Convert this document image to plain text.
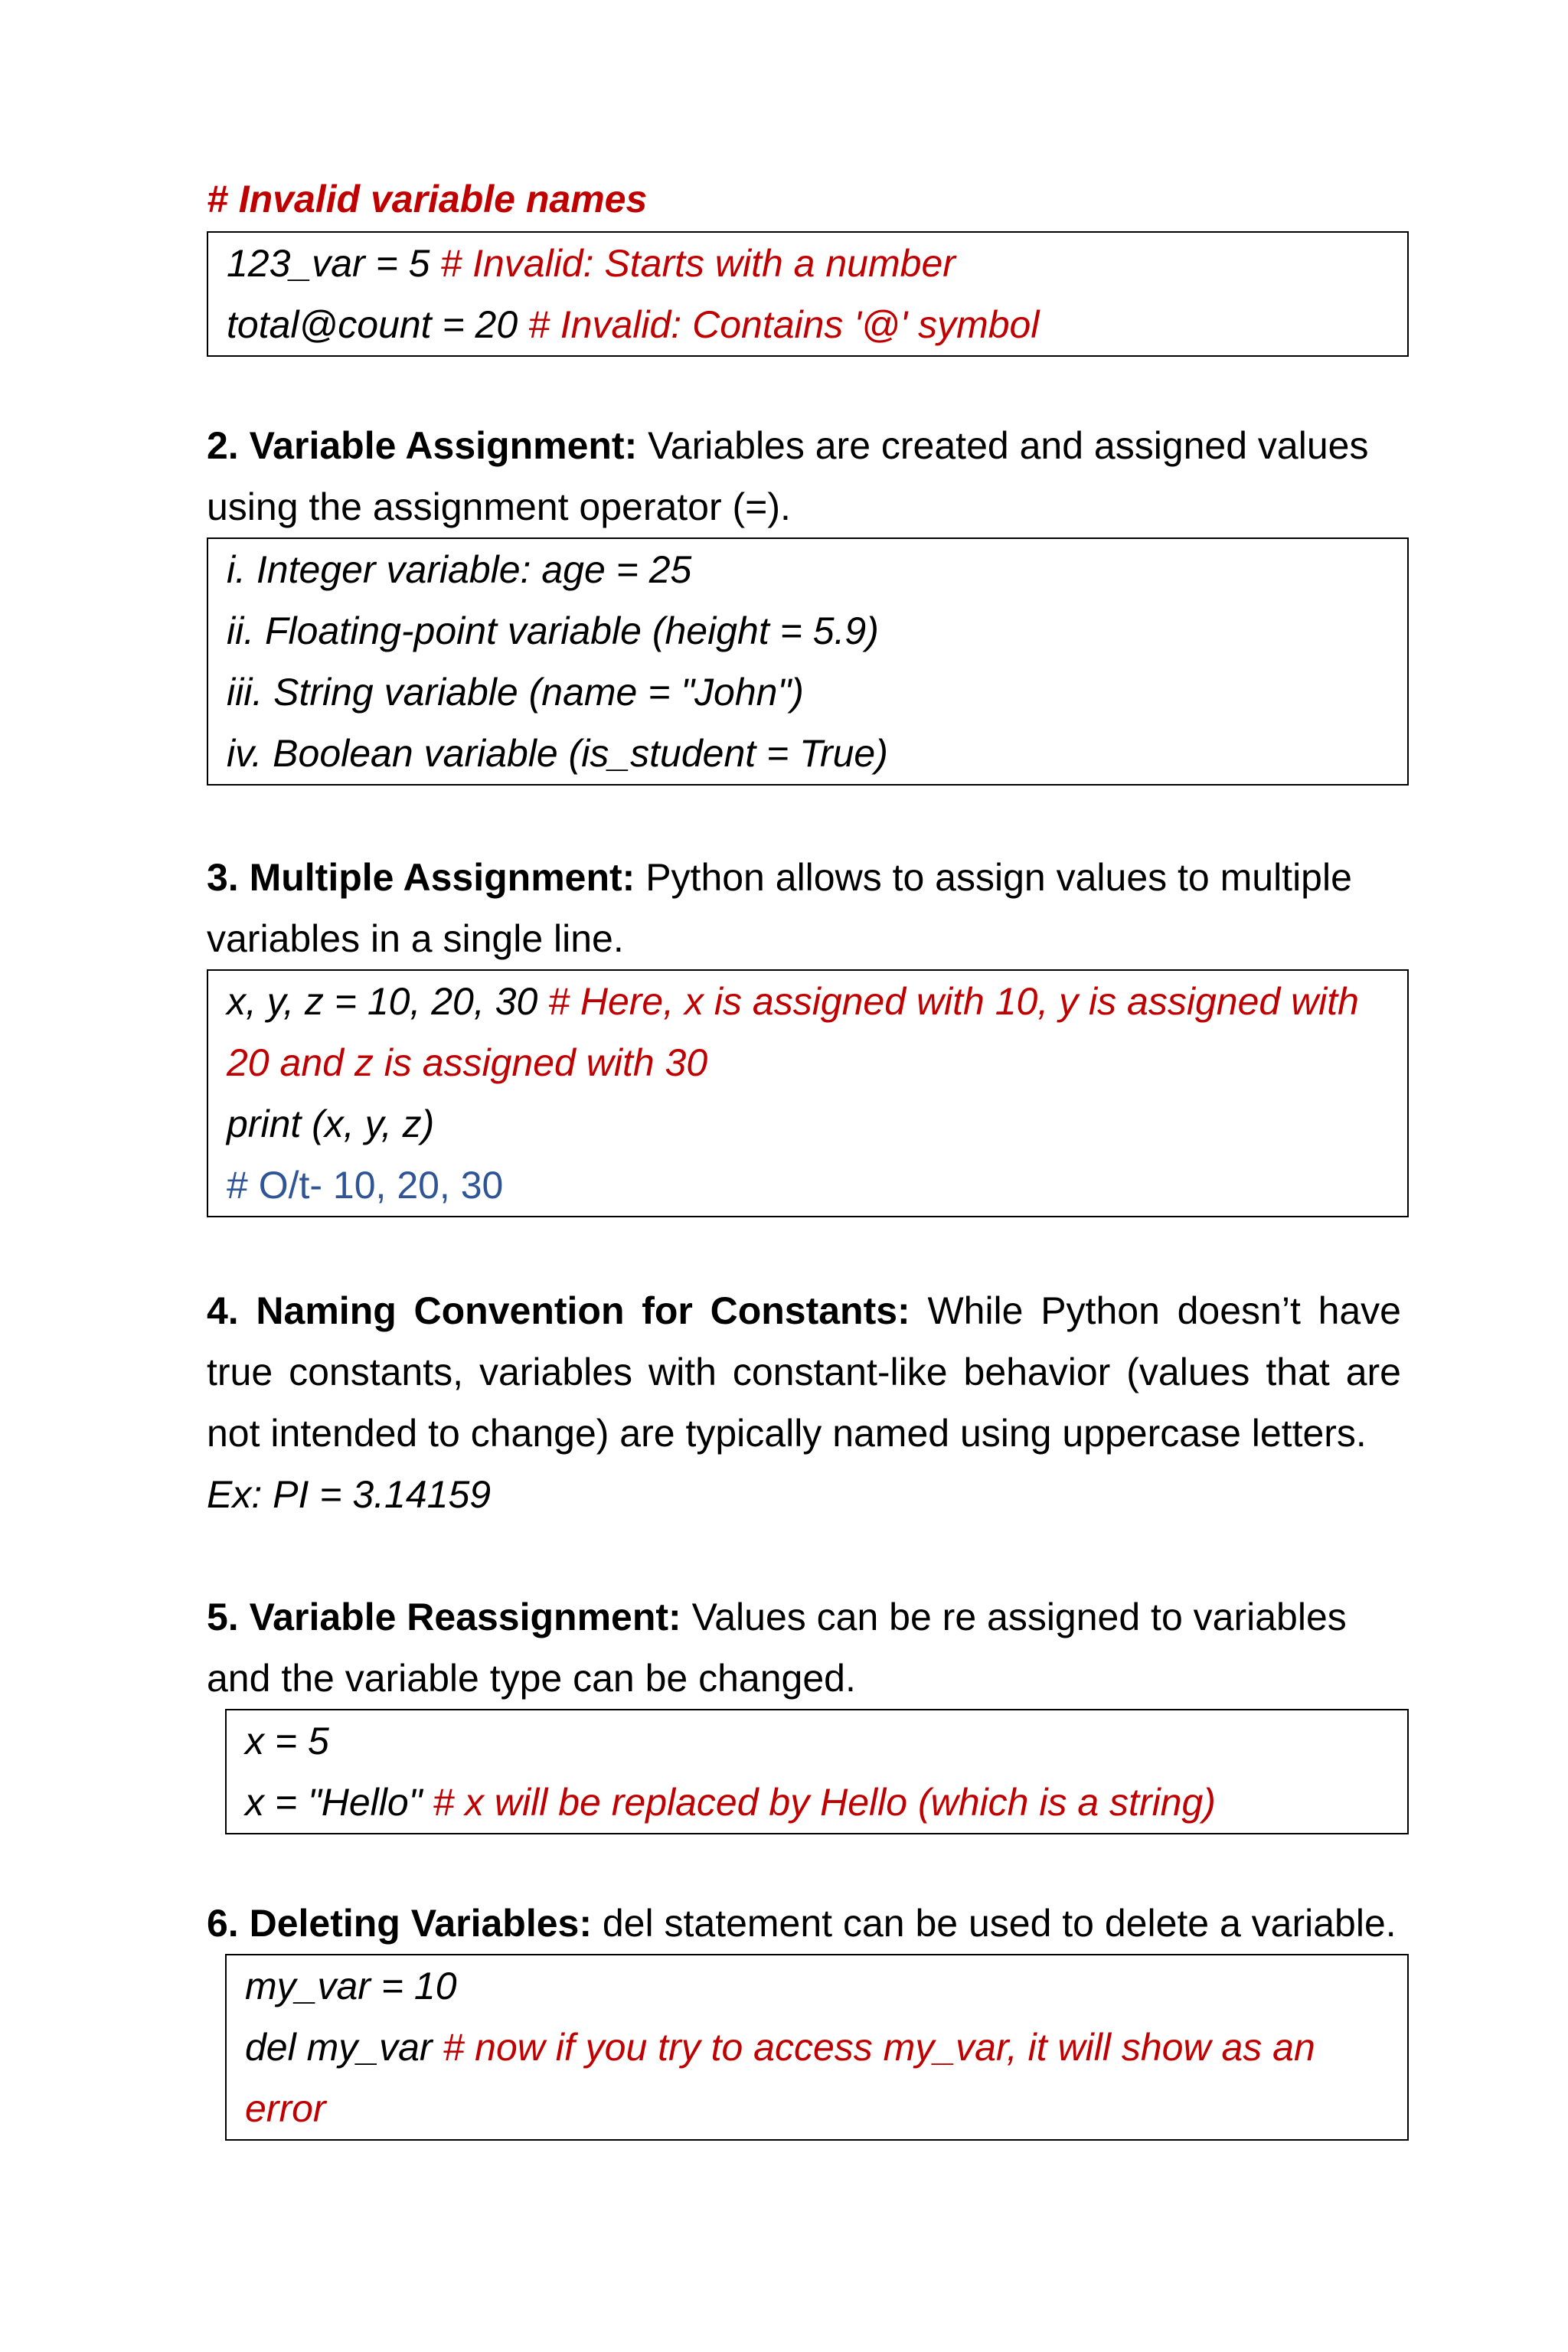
# Invalid variable names
123_var = 5 # Invalid: Starts with a number
total@count = 20 # Invalid: Contains '@' symbol
2. Variable Assignment: Variables are created and assigned values using the assignment operator (=).
i. Integer variable: age = 25
ii. Floating-point variable (height = 5.9)
iii. String variable (name = "John")
iv. Boolean variable (is_student = True)
3. Multiple Assignment: Python allows to assign values to multiple variables in a single line.
x, y, z = 10, 20, 30 # Here, x is assigned with 10, y is assigned with 20 and z is assigned with 30
print (x, y, z)
# O/t- 10, 20, 30
4. Naming Convention for Constants: While Python doesn’t have true constants, variables with constant-like behavior (values that are not intended to change) are typically named using uppercase letters.
Ex: PI = 3.14159
5. Variable Reassignment: Values can be re assigned to variables and the variable type can be changed.
x = 5
x = "Hello" # x will be replaced by Hello (which is a string)
6. Deleting Variables: del statement can be used to delete a variable.
my_var = 10
del my_var # now if you try to access my_var, it will show as an error
